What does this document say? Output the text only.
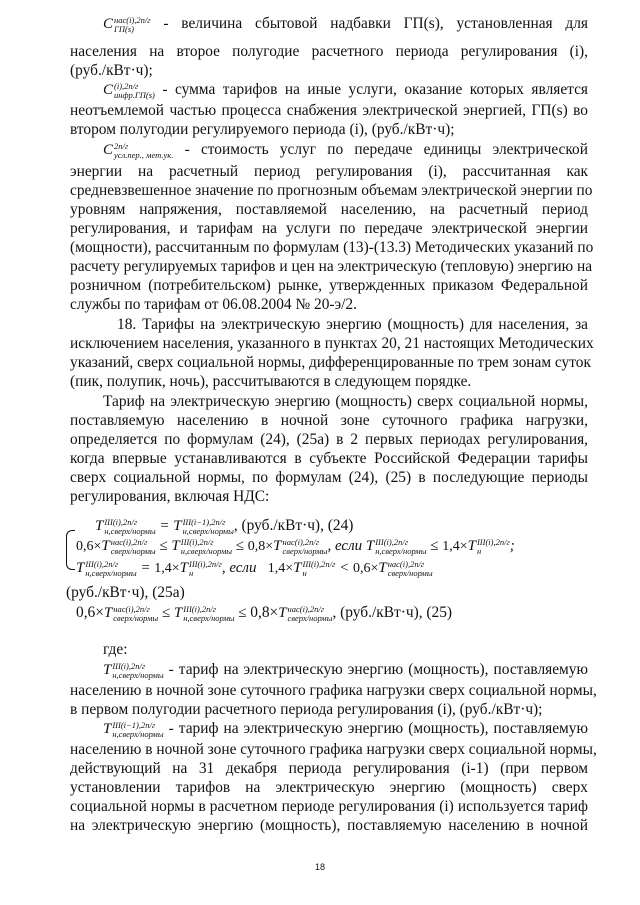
C нас(i),2п/г
ГП(s)	- величина сбытовой надбавки ГП(s), установленная для
населения на второе полугодие расчетного периода регулирования (i),
(руб./кВт·ч);
C (i),2п/г
инфр.ГП(s) - сумма тарифов на иные услуги, оказание которых является
неотъемлемой частью процесса снабжения электрической энергией, ГП(s) во
втором полугодии регулируемого периода (i), (руб./кВт·ч);
C 2п/г
усл.пер., мет.ук. - стоимость услуг по передаче единицы электрической
энергии на расчетный период регулирования (i), рассчитанная как
средневзвешенное значение по прогнозным объемам электрической энергии по
уровням напряжения, поставляемой населению, на расчетный период
регулирования, и тарифам на услуги по передаче электрической энергии
(мощности), рассчитанным по формулам (13)-(13.3) Методических указаний по
расчету регулируемых тарифов и цен на электрическую (тепловую) энергию на
розничном (потребительском) рынке, утвержденных приказом Федеральной
службы по тарифам от 06.08.2004 № 20-э/2.
18. Тарифы на электрическую энергию (мощность) для населения, за
исключением населения, указанного в пунктах 20, 21 настоящих Методических
указаний, сверх социальной нормы, дифференцированные по трем зонам суток
(пик, полупик, ночь), рассчитываются в следующем порядке.
Тариф на электрическую энергию (мощность) сверх социальной нормы,
поставляемую населению в ночной зоне суточного графика нагрузки,
определяется по формулам (24), (25а) в 2 первых периодах регулирования,
когда впервые устанавливаются в субъекте Российской Федерации тарифы
сверх социальной нормы, по формулам (24), (25) в последующие периоды
регулирования, включая НДС:
T III(i),2п/г
н,сверх/нормы = T III(i−1),2п/г
н,сверх/нормы , (руб./кВт·ч), (24)
0,6×T нас(i),2п/г
сверх/нормы ≤ T III(i),2п/г
н,сверх/нормы ≤ 0,8×T нас(i),2п/г
сверх/нормы , если T III(i),2п/г
н,сверх/нормы ≤ 1,4×T III(i),2п/г
н	;
T III(i),2п/г
н,сверх/нормы = 1,4×T III(i),2п/г
н	, если 1,4×T III(i),2п/г
н	< 0,6×T нас(i),2п/г
сверх/нормы
(руб./кВт·ч), (25а)
0,6×T нас(i),2п/г
сверх/нормы ≤ T III(i),2п/г
н,сверх/нормы ≤ 0,8×T нас(i),2п/г
сверх/нормы , (руб./кВт·ч), (25)
где:
T III(i),2п/г
н,сверх/нормы - тариф на электрическую энергию (мощность), поставляемую
населению в ночной зоне суточного графика нагрузки сверх социальной нормы,
в первом полугодии расчетного периода регулирования (i), (руб./кВт·ч);
T III(i−1),2п/г
н,сверх/нормы - тариф на электрическую энергию (мощность), поставляемую
населению в ночной зоне суточного графика нагрузки сверх социальной нормы,
действующий на 31 декабря периода регулирования (i-1) (при первом
установлении тарифов на электрическую энергию (мощность) сверх
социальной нормы в расчетном периоде регулирования (i) используется тариф
на электрическую энергию (мощность), поставляемую населению в ночной
18
